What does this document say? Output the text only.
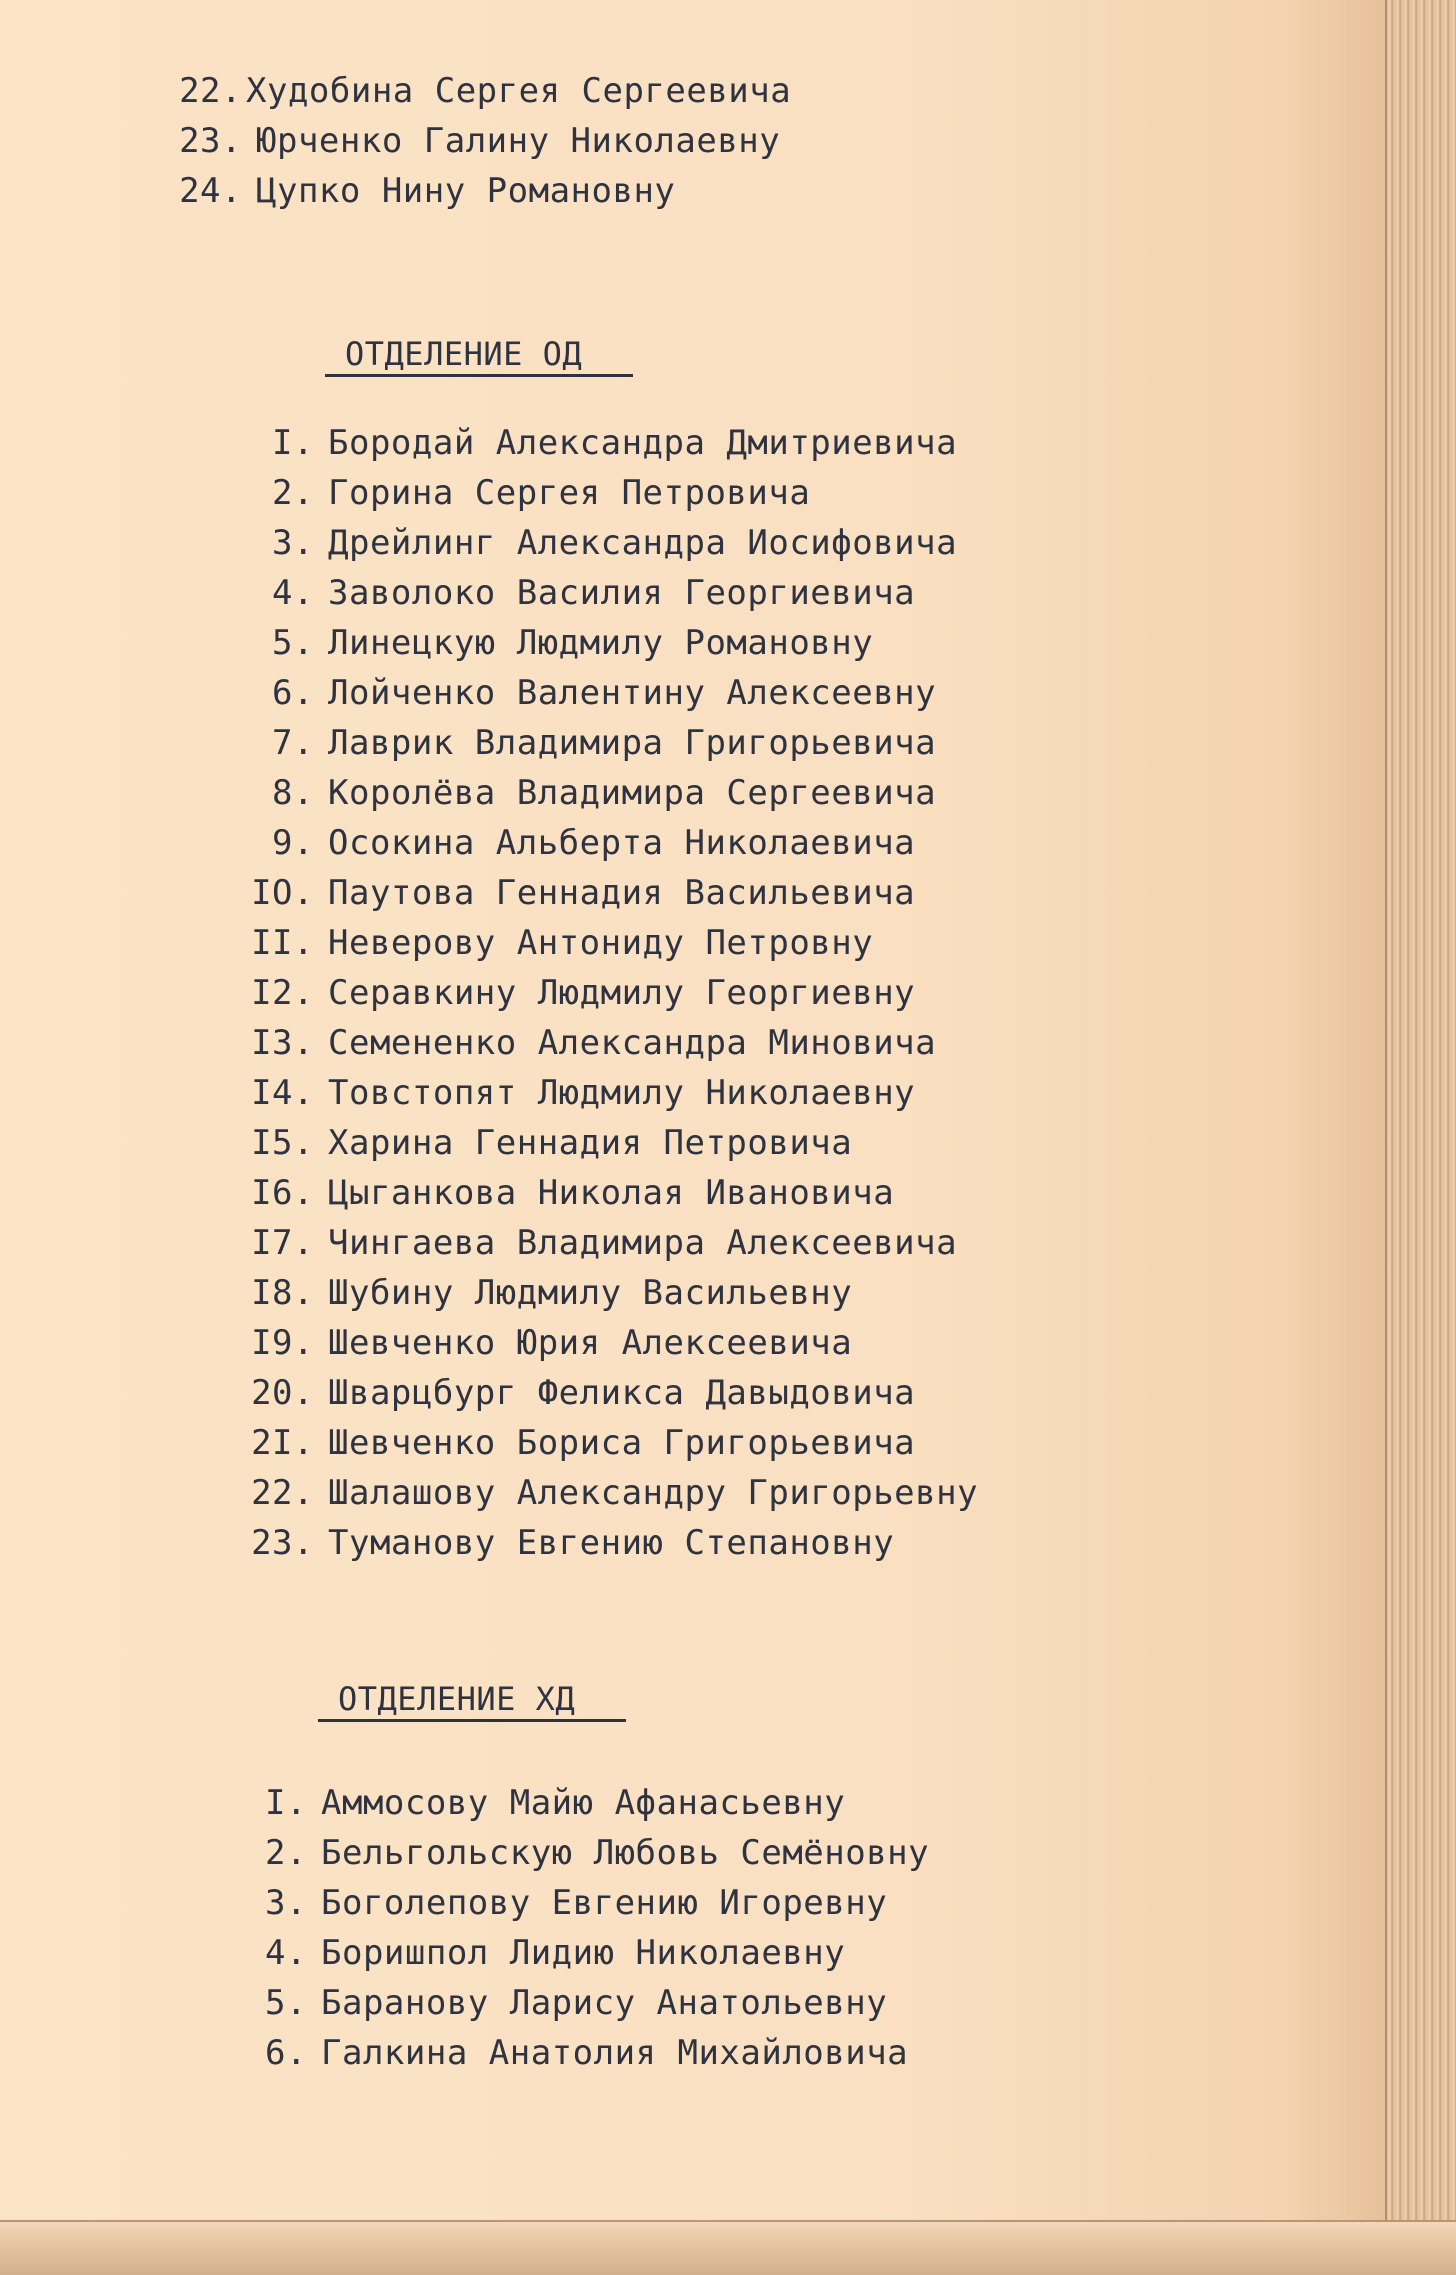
22. Худобина Сергея Сергеевича
23. Юрченко Галину Николаевну
24. Цупко Нину Романовну
ОТДЕЛЕНИЕ ОД
I. Бородай Александра Дмитриевича
2. Горина Сергея Петровича
3. Дрейлинг Александра Иосифовича
4. Заволоко Василия Георгиевича
5. Линецкую Людмилу Романовну
6. Лойченко Валентину Алексеевну
7. Лаврик Владимира Григорьевича
8. Королёва Владимира Сергеевича
9. Осокина Альберта Николаевича
IO. Паутова Геннадия Васильевича
II. Неверову Антониду Петровну
I2. Серавкину Людмилу Георгиевну
I3. Семененко Александра Миновича
I4. Товстопят Людмилу Николаевну
I5. Харина Геннадия Петровича
I6. Цыганкова Николая Ивановича
I7. Чингаева Владимира Алексеевича
I8. Шубину Людмилу Васильевну
I9. Шевченко Юрия Алексеевича
20. Шварцбург Феликса Давыдовича
2I. Шевченко Бориса Григорьевича
22. Шалашову Александру Григорьевну
23. Туманову Евгению Степановну
ОТДЕЛЕНИЕ ХД
I. Аммосову Майю Афанасьевну
2. Бельгольскую Любовь Семёновну
3. Боголепову Евгению Игоревну
4. Боришпол Лидию Николаевну
5. Баранову Ларису Анатольевну
6. Галкина Анатолия Михайловича
